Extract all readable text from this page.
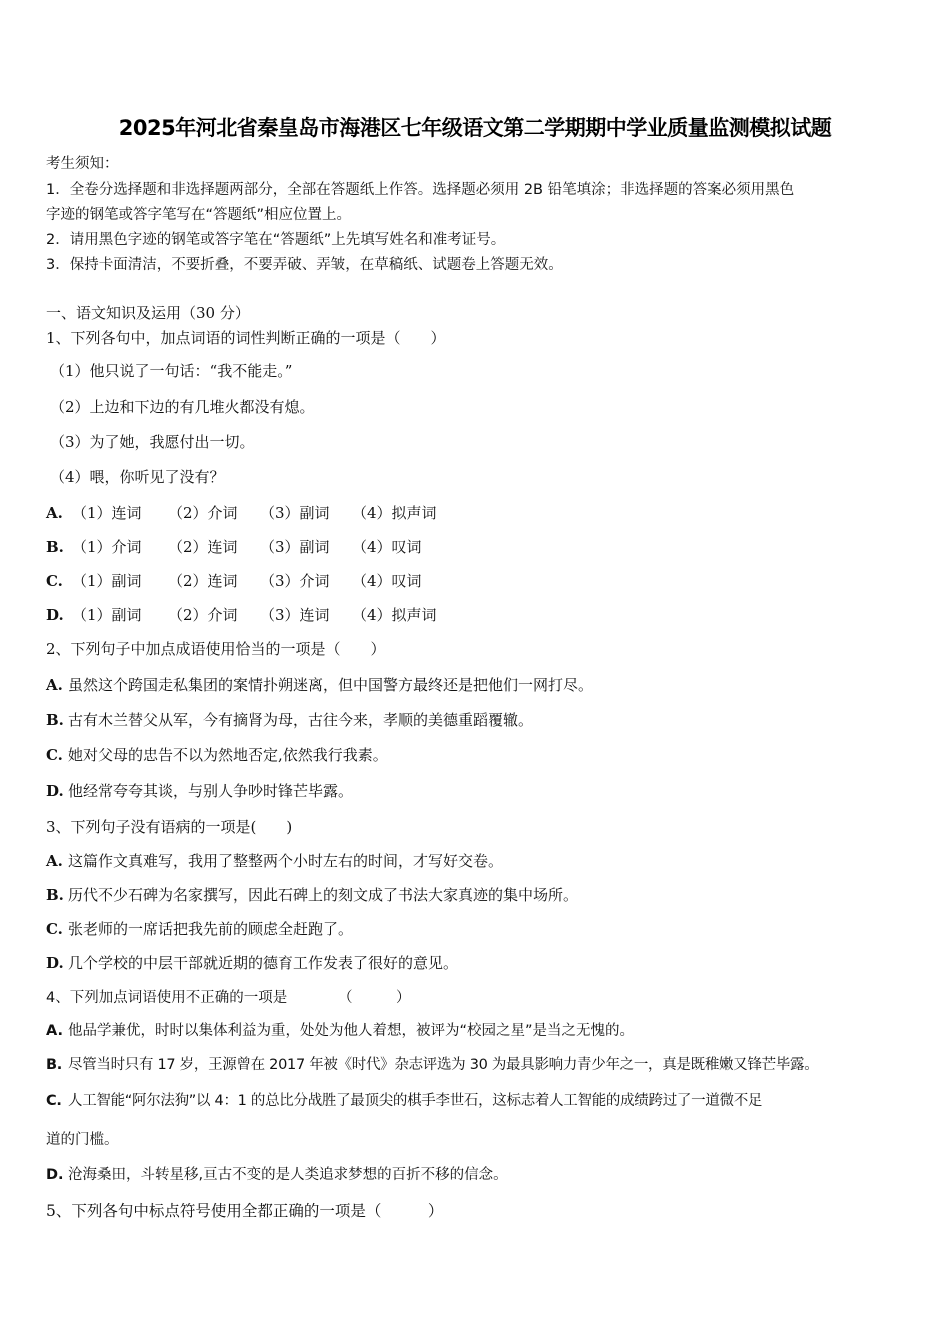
2025年河北省秦皇岛市海港区七年级语文第二学期期中学业质量监测模拟试题
考生须知：
1．全卷分选择题和非选择题两部分，全部在答题纸上作答。选择题必须用 2B 铅笔填涂；非选择题的答案必须用黑色
字迹的钢笔或答字笔写在“答题纸”相应位置上。
2．请用黑色字迹的钢笔或答字笔在“答题纸”上先填写姓名和准考证号。
3．保持卡面清洁，不要折叠，不要弄破、弄皱，在草稿纸、试题卷上答题无效。
一、语文知识及运用（30 分）
1、下列各句中，加点词语的词性判断正确的一项是（　　）
（1）他只说了一句话：“我不能走。”
（2）上边和下边的有几堆火都没有熄。
（3）为了她，我愿付出一切。
（4）喂，你听见了没有？
A. （1）连词 （2）介词 （3）副词 （4）拟声词
B. （1）介词 （2）连词 （3）副词 （4）叹词
C. （1）副词 （2）连词 （3）介词 （4）叹词
D. （1）副词 （2）介词 （3）连词 （4）拟声词
2、下列句子中加点成语使用恰当的一项是（　　）
A. 虽然这个跨国走私集团的案情扑朔迷离，但中国警方最终还是把他们一网打尽。
B. 古有木兰替父从军，今有摘肾为母，古往今来，孝顺的美德重蹈覆辙。
C. 她对父母的忠告不以为然地否定,依然我行我素。
D. 他经常夸夸其谈，与别人争吵时锋芒毕露。
3、下列句子没有语病的一项是(　　)
A. 这篇作文真难写，我用了整整两个小时左右的时间，才写好交卷。
B. 历代不少石碑为名家撰写，因此石碑上的刻文成了书法大家真迹的集中场所。
C. 张老师的一席话把我先前的顾虑全赶跑了。
D. 几个学校的中层干部就近期的德育工作发表了很好的意见。
4、下列加点词语使用不正确的一项是　　　　（　　　）
A. 他品学兼优，时时以集体利益为重，处处为他人着想，被评为“校园之星”是当之无愧的。
B. 尽管当时只有 17 岁，王源曾在 2017 年被《时代》杂志评选为 30 为最具影响力青少年之一，真是既稚嫩又锋芒毕露。
C. 人工智能“阿尔法狗”以 4：1 的总比分战胜了最顶尖的棋手李世石，这标志着人工智能的成绩跨过了一道微不足
道的门槛。
D. 沧海桑田，斗转星移,亘古不变的是人类追求梦想的百折不移的信念。
5、下列各句中标点符号使用全都正确的一项是（　　　）
